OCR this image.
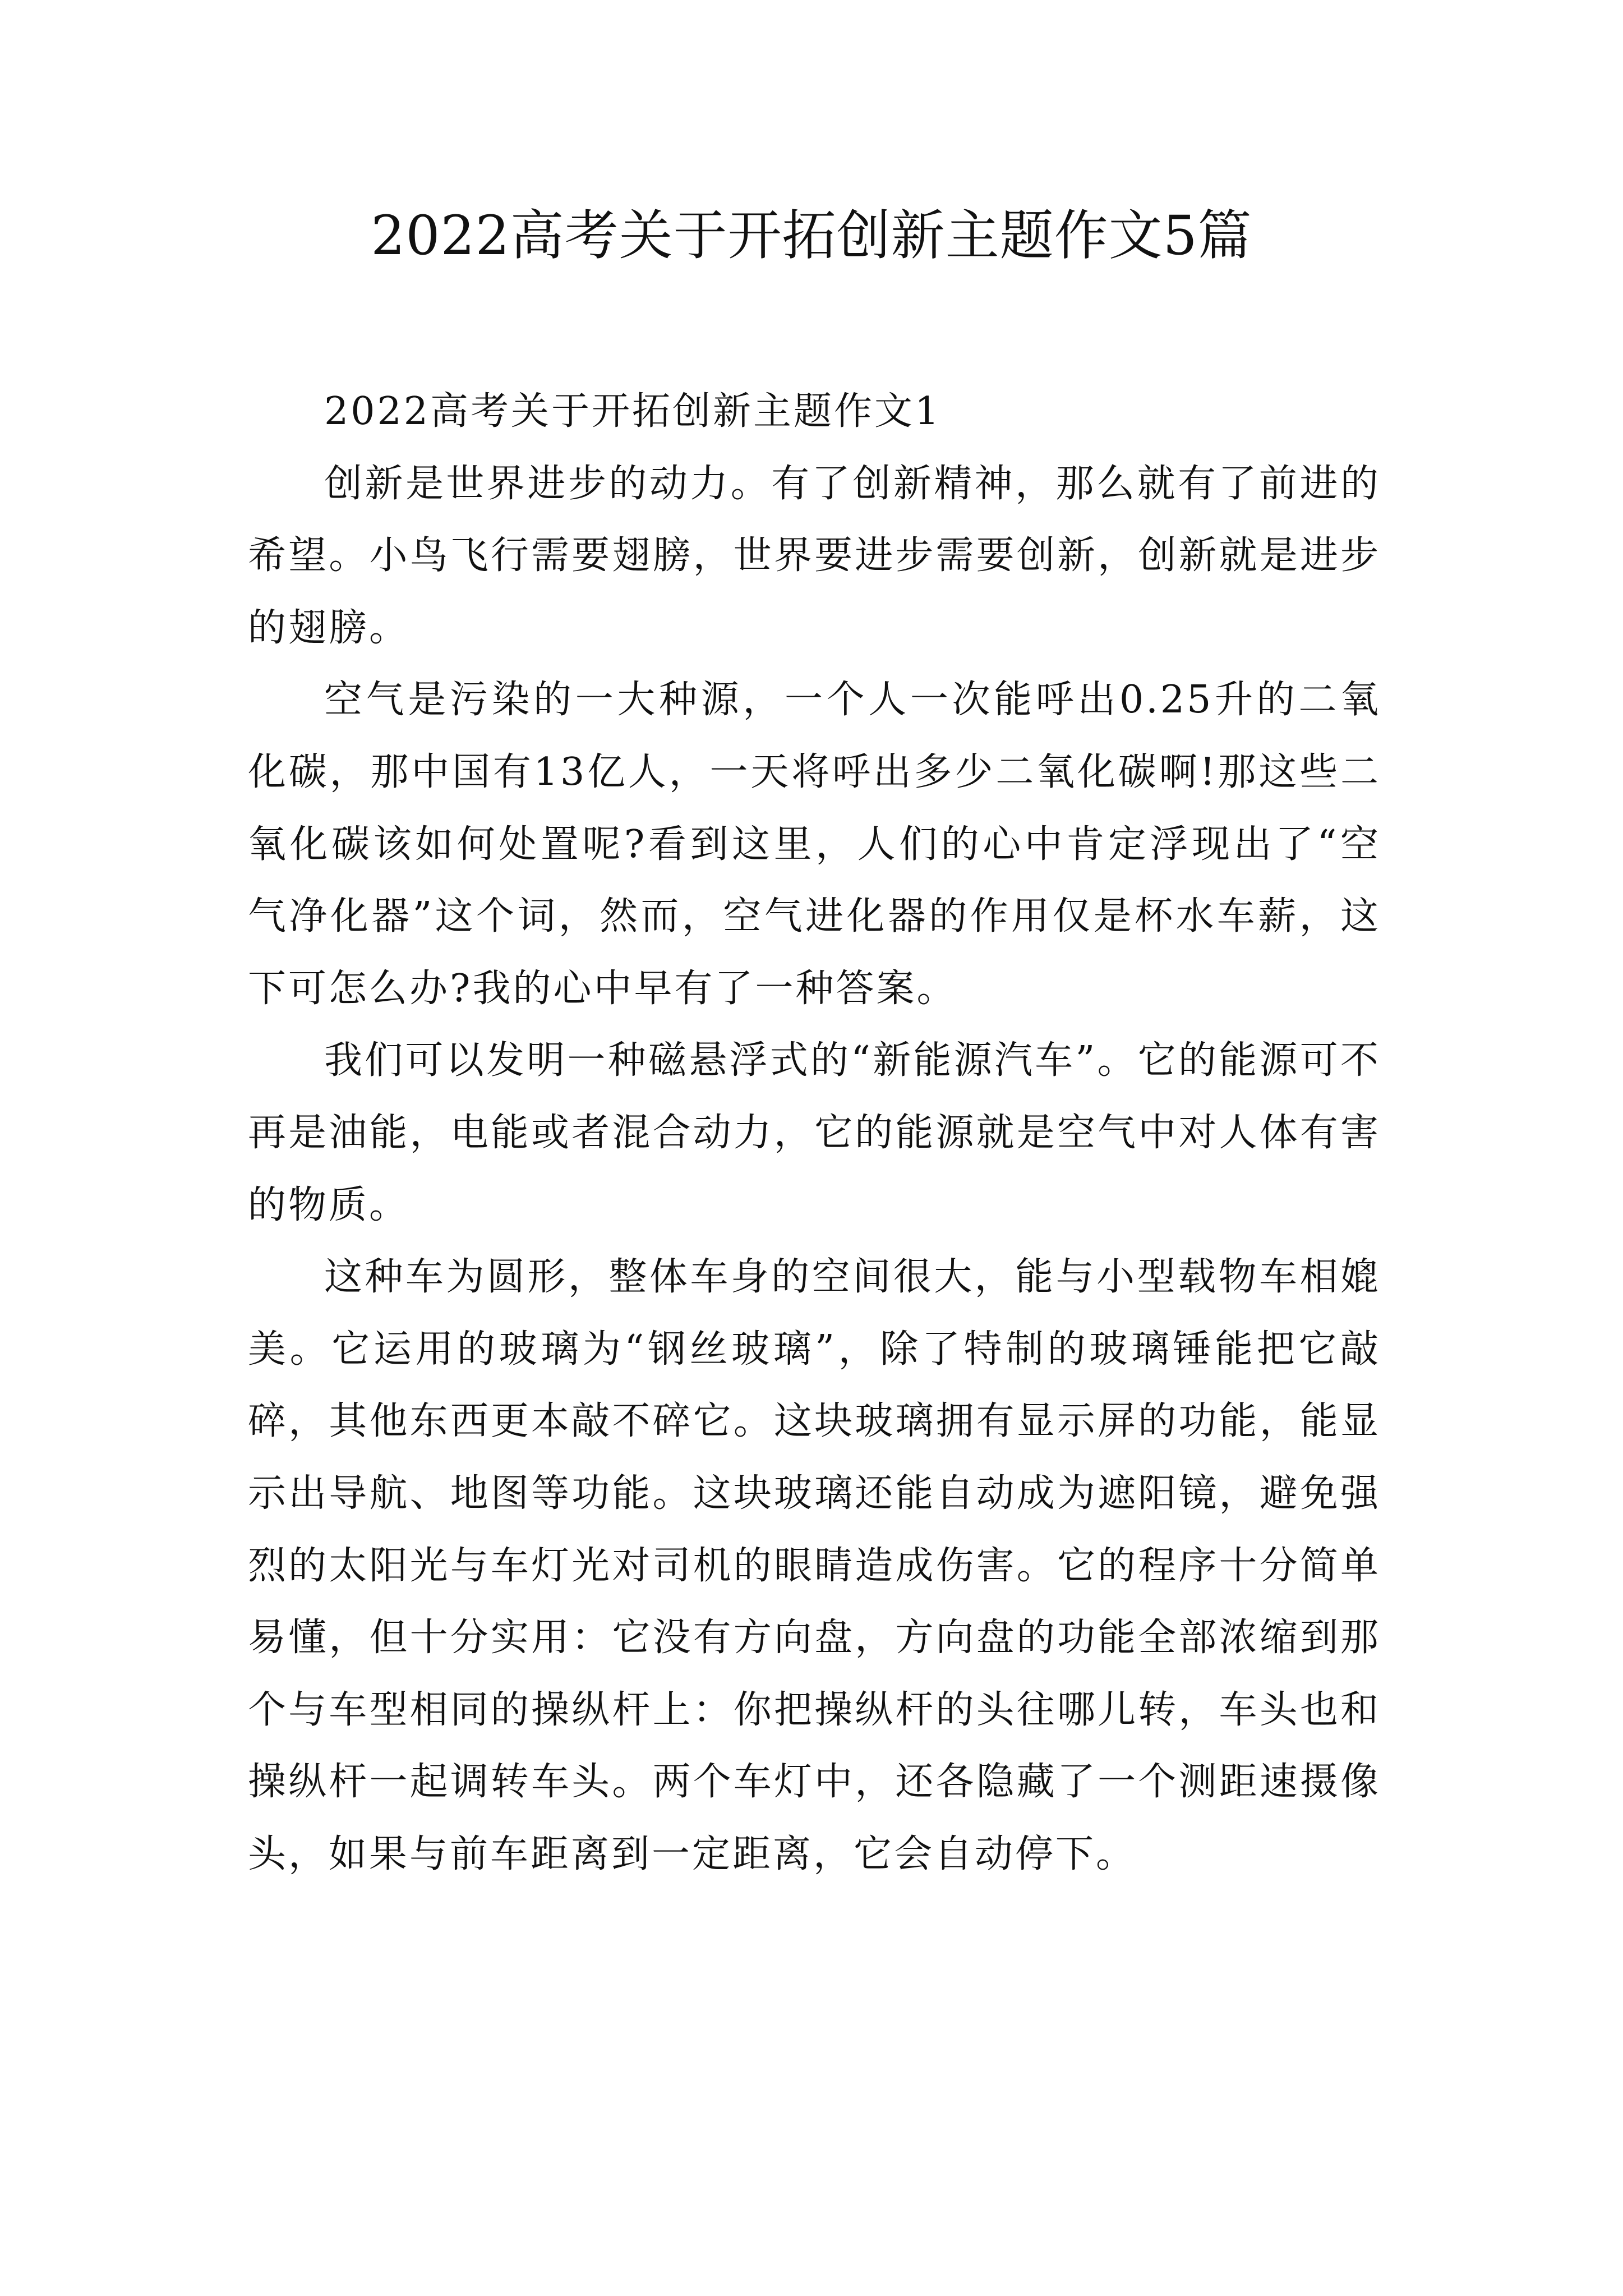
2022高考关于开拓创新主题作文5篇

2022高考关于开拓创新主题作文1

创新是世界进步的动力。有了创新精神，那么就有了前进的希望。小鸟飞行需要翅膀，世界要进步需要创新，创新就是进步的翅膀。

空气是污染的一大种源，一个人一次能呼出0.25升的二氧化碳，那中国有13亿人，一天将呼出多少二氧化碳啊!那这些二氧化碳该如何处置呢?看到这里，人们的心中肯定浮现出了“空气净化器”这个词，然而，空气进化器的作用仅是杯水车薪，这下可怎么办?我的心中早有了一种答案。

我们可以发明一种磁悬浮式的“新能源汽车”。它的能源可不再是油能，电能或者混合动力，它的能源就是空气中对人体有害的物质。

这种车为圆形，整体车身的空间很大，能与小型载物车相媲美。它运用的玻璃为“钢丝玻璃”，除了特制的玻璃锤能把它敲碎，其他东西更本敲不碎它。这块玻璃拥有显示屏的功能，能显示出导航、地图等功能。这块玻璃还能自动成为遮阳镜，避免强烈的太阳光与车灯光对司机的眼睛造成伤害。它的程序十分简单易懂，但十分实用：它没有方向盘，方向盘的功能全部浓缩到那个与车型相同的操纵杆上：你把操纵杆的头往哪儿转，车头也和操纵杆一起调转车头。两个车灯中，还各隐藏了一个测距速摄像头，如果与前车距离到一定距离，它会自动停下。
